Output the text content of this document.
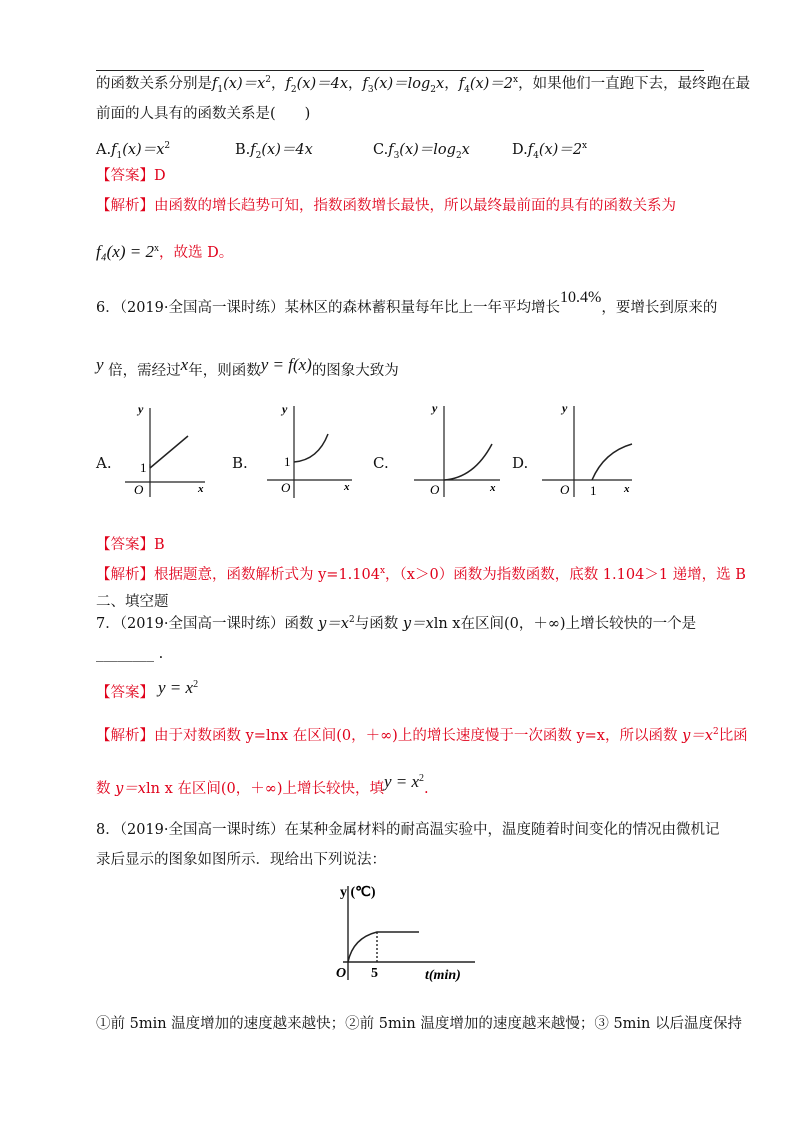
的函数关系分别是$f_1(x)=x^2$，$f_2(x)=4x$，$f_3(x)=\log_2x$，$f_4(x)=2^x$，如果他们一直跑下去，最终跑在最
前面的人具有的函数关系是(　　)
$A.f_1(x)=x^2$	$B.f_2(x)=4x$	$C.f_3(x)=\log_2x$	$D.f_4(x)=2^x$
【答案】D
【解析】由函数的增长趋势可知，指数函数增长最快，所以最终最前面的具有的函数关系为
$f_4(x) = 2^x$，故选 D。
6．（2019·全国高一课时练）某林区的森林蓄积量每年比上一年平均增长10.4%，要增长到原来的
y 倍，需经过x年，则函数y = f(x)的图象大致为
A.
y
x
O
1	B.
y
x
O
1	C.
y
x
O
D.
y
x
O 1
【答案】B
【解析】根据题意，函数解析式为 $y=1.104^x$，（x＞0）函数为指数函数，底数 1.104＞1 递增，选 B
二、填空题
7．（2019·全国高一课时练）函数 $y=x^2$与函数 y＝xln x在区间(0，＋∞)上增长较快的一个是
________ .
【答案】 $y = x^2$
【解析】由于对数函数 y=lnx 在区间(0，＋∞)上的增长速度慢于一次函数 y=x，所以函数 $y=x^2$比函
数 y＝xln x 在区间(0，＋∞)上增长较快，填$y = x^2$.
8．（2019·全国高一课时练）在某种金属材料的耐高温实验中，温度随着时间变化的情况由微机记
录后显示的图象如图所示．现给出下列说法：
y (℃)
t(min)
O 5
①前 5min 温度增加的速度越来越快；②前 5min 温度增加的速度越来越慢；③ 5min 以后温度保持
